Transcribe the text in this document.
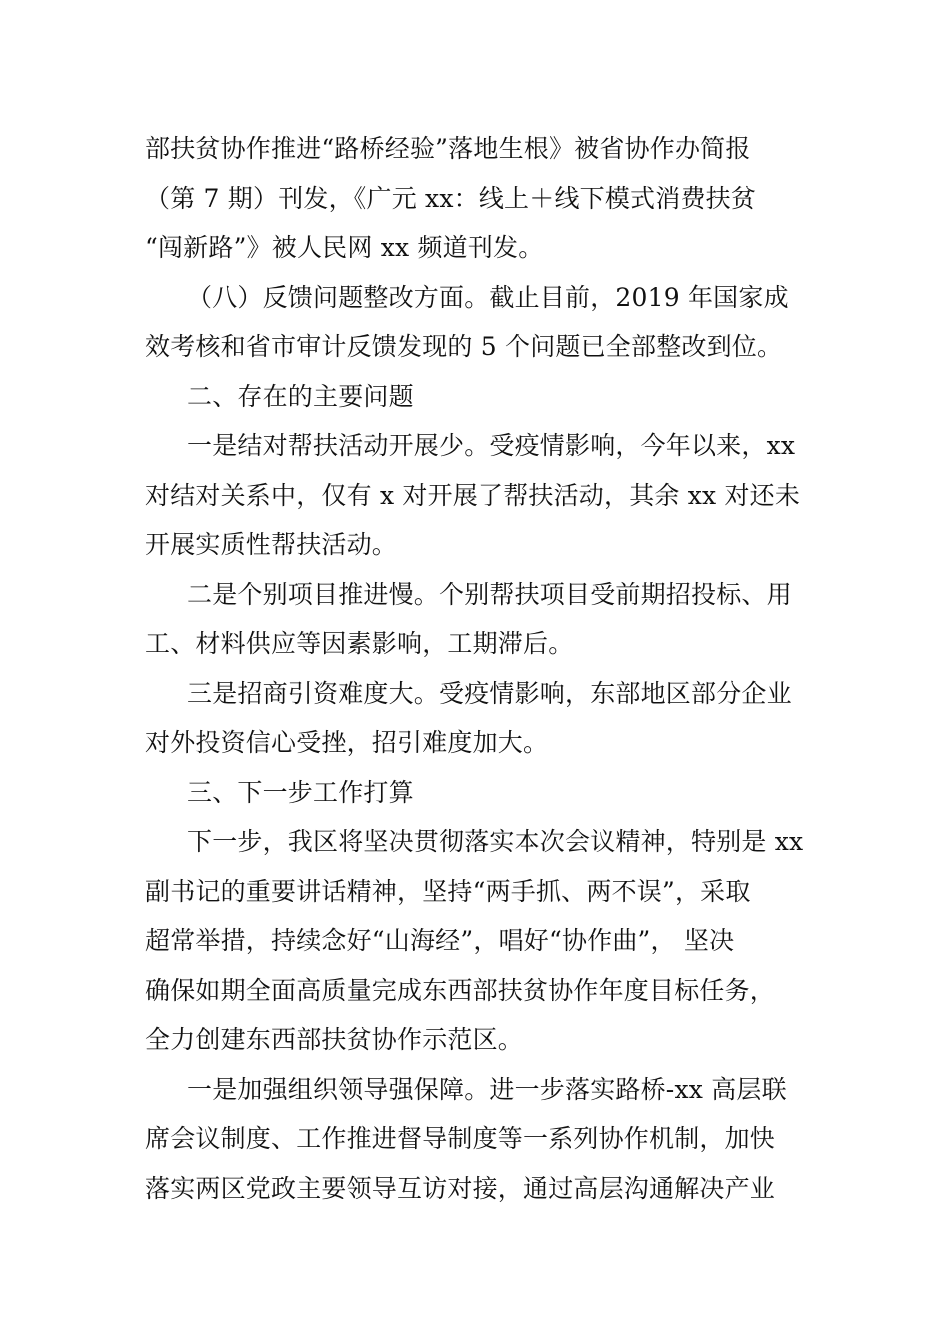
部扶贫协作推进“路桥经验”落地生根》被省协作办简报
（第 7 期）刊发，《广元 xx：线上＋线下模式消费扶贫
“闯新路”》被人民网 xx 频道刊发。
（八）反馈问题整改方面。截止目前，2019 年国家成
效考核和省市审计反馈发现的 5 个问题已全部整改到位。
二、存在的主要问题
一是结对帮扶活动开展少。受疫情影响，今年以来，xx
对结对关系中，仅有 x 对开展了帮扶活动，其余 xx 对还未
开展实质性帮扶活动。
二是个别项目推进慢。个别帮扶项目受前期招投标、用
工、材料供应等因素影响，工期滞后。
三是招商引资难度大。受疫情影响，东部地区部分企业
对外投资信心受挫，招引难度加大。
三、下一步工作打算
下一步，我区将坚决贯彻落实本次会议精神，特别是 xx
副书记的重要讲话精神，坚持“两手抓、两不误”，采取
超常举措，持续念好“山海经”，唱好“协作曲”， 坚决
确保如期全面高质量完成东西部扶贫协作年度目标任务，
全力创建东西部扶贫协作示范区。
一是加强组织领导强保障。进一步落实路桥-xx 高层联
席会议制度、工作推进督导制度等一系列协作机制，加快
落实两区党政主要领导互访对接，通过高层沟通解决产业
